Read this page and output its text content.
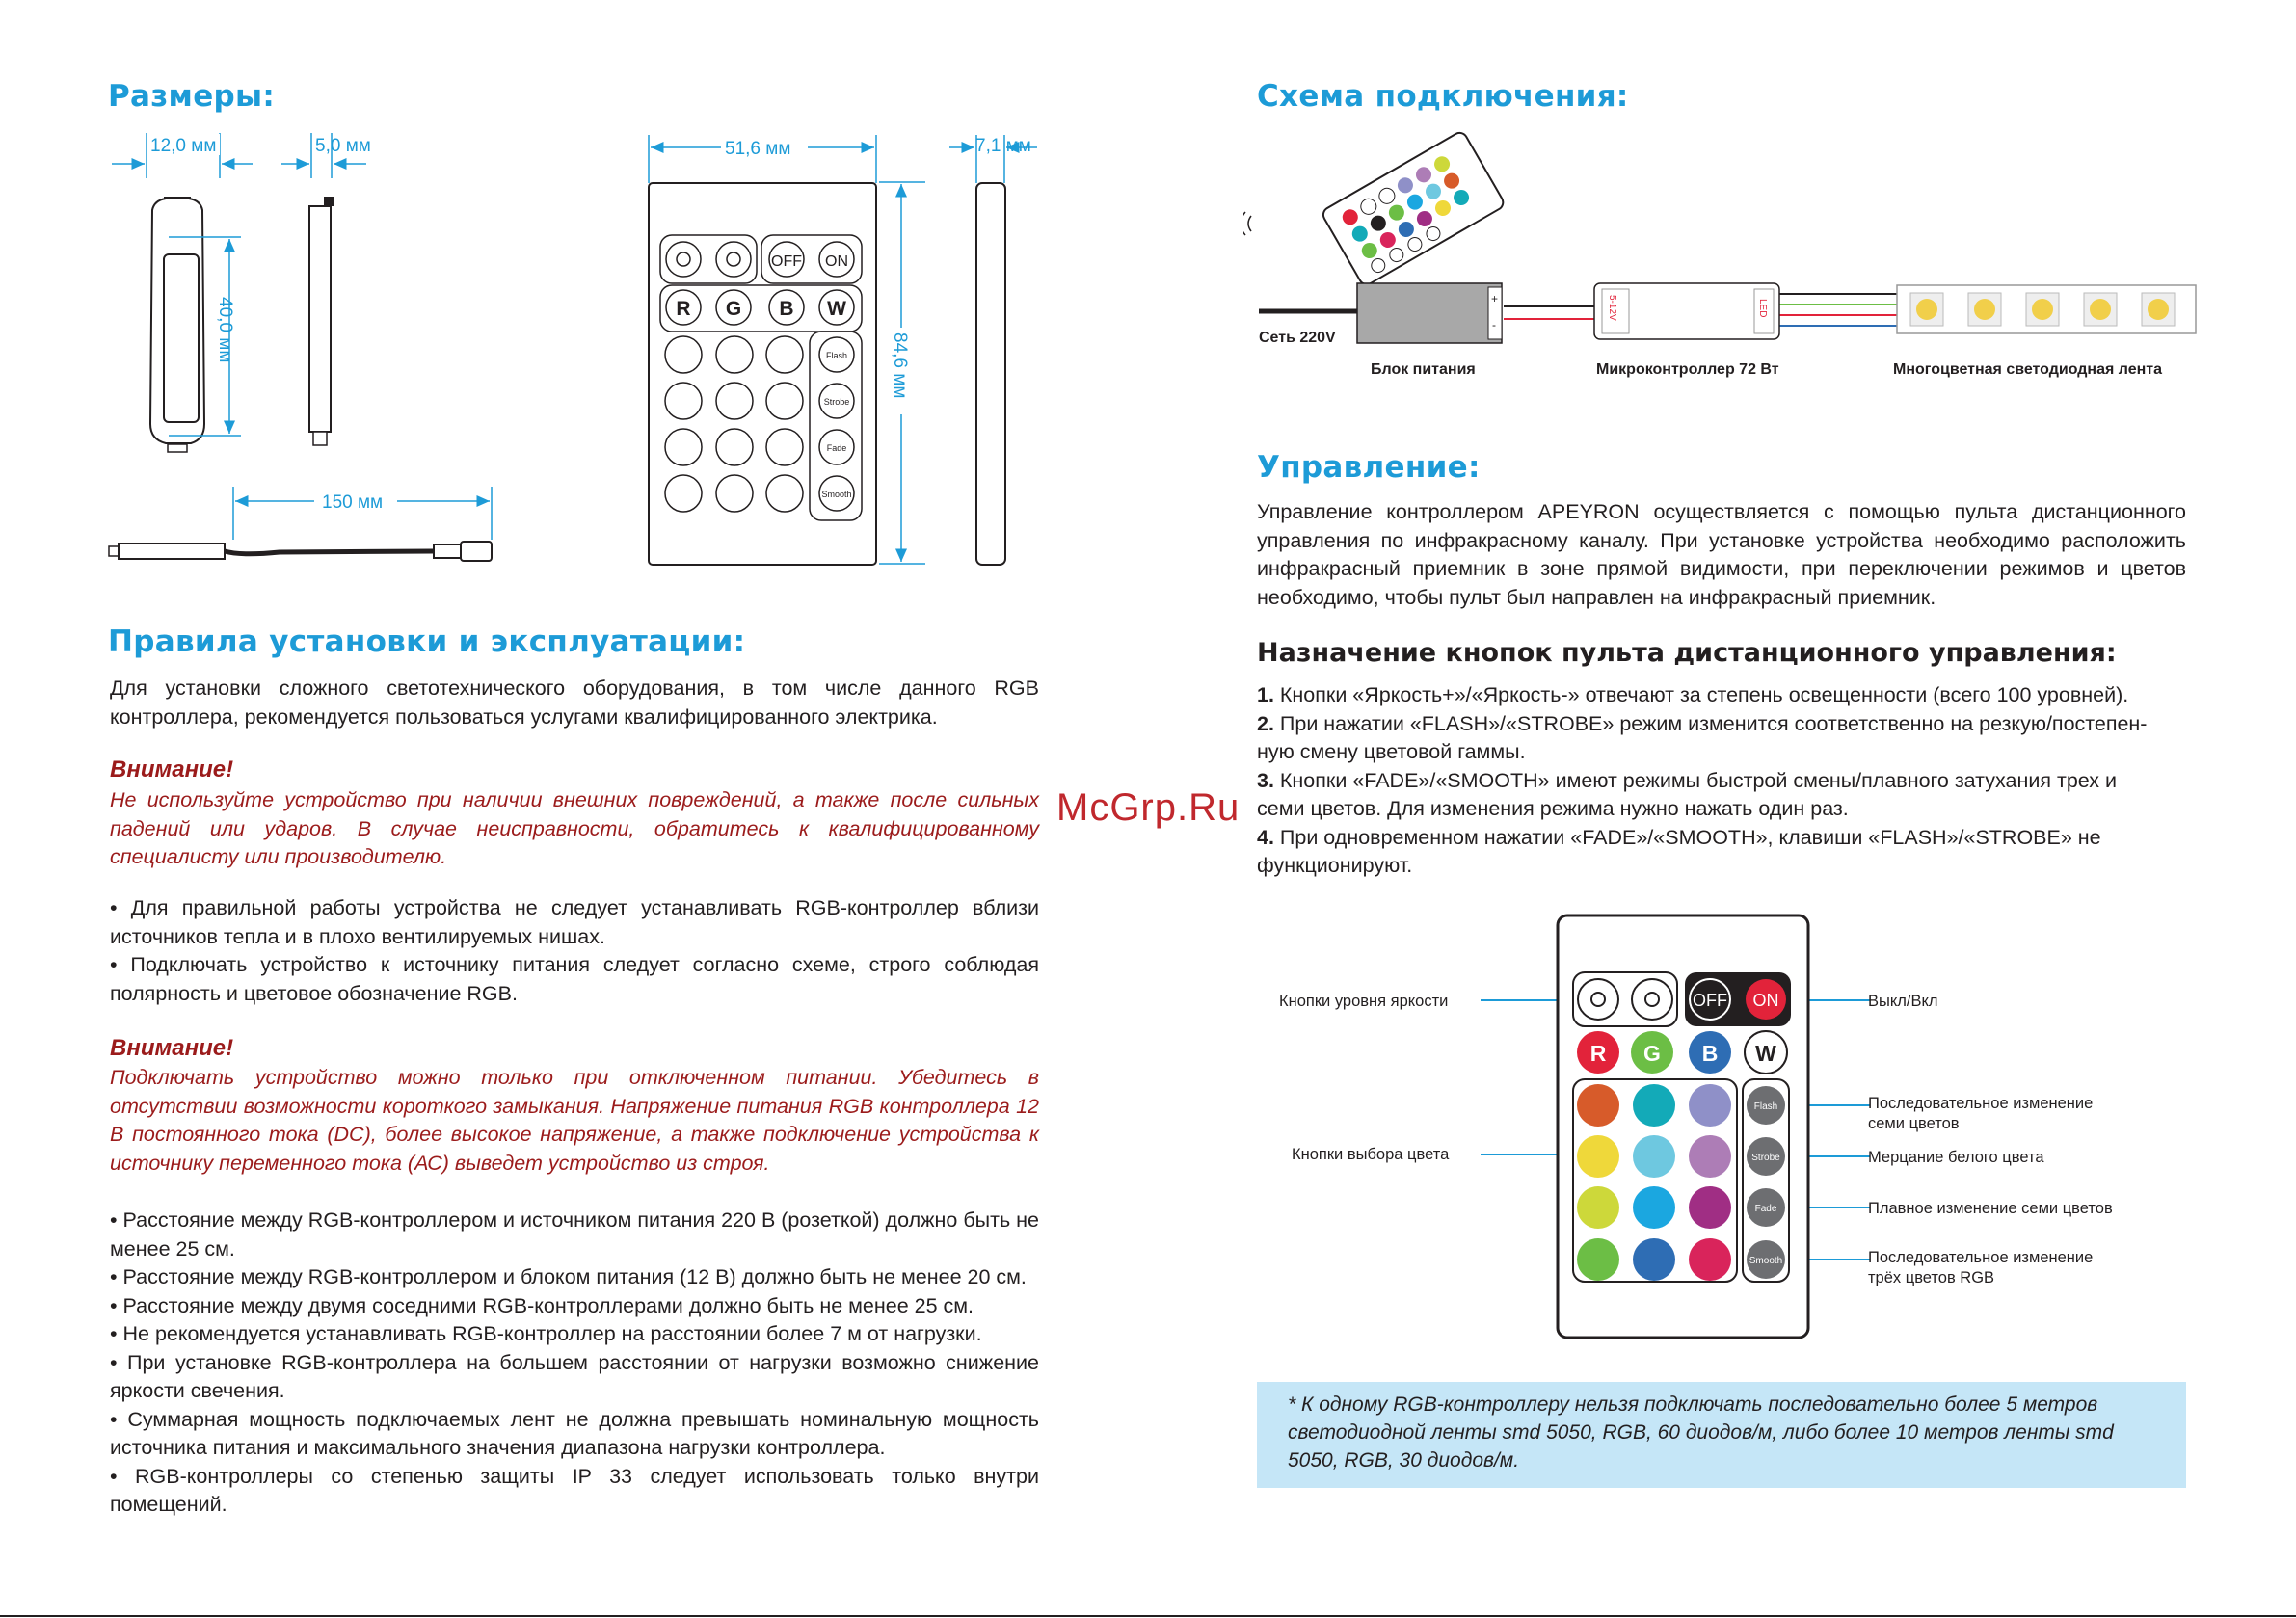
Размеры:
12,0 мм	5,0 мм
40,0 мм
150 мм
51,6 мм	7,1 мм
84,6 мм
OFF ON
R G B W
Flash
Strobe
Fade
Smooth
Правила установки и эксплуатации:
Для установки сложного светотехнического оборудования, в том числе данного RGB контроллера, рекомендуется пользоваться услугами квалифицированного электрика.
Внимание!
Не используйте устройство при наличии внешних повреждений, а также после сильных падений или ударов. В случае неисправности, обратитесь к квалифицированному специалисту или производителю.
• Для правильной работы устройства не следует устанавливать RGB-контроллер вблизи источников тепла и в плохо вентилируемых нишах.
• Подключать устройство к источнику питания следует согласно схеме, строго соблюдая полярность и цветовое обозначение RGB.
Внимание!
Подключать устройство можно только при отключенном питании. Убедитесь в отсутствии возможности короткого замыкания. Напряжение питания RGB контроллера 12 В постоянного тока (DC), более высокое напряжение, а также подключение устройства к источнику переменного тока (АС) выведет устройство из строя.
• Расстояние между RGB-контроллером и источником питания 220 В (розеткой) должно быть не менее 25 см.
• Расстояние между RGB-контроллером и блоком питания (12 В) должно быть не менее 20 см.
• Расстояние между двумя соседними RGB-контроллерами должно быть не менее 25 см.
• Не рекомендуется устанавливать RGB-контроллер на расстоянии более 7 м от нагрузки.
• При установке RGB-контроллера на большем расстоянии от нагрузки возможно снижение яркости свечения.
• Суммарная мощность подключаемых лент не должна превышать номинальную мощность источника питания и максимального значения диапазона нагрузки контроллера.
• RGB-контроллеры со степенью защиты IP 33 следует использовать только внутри помещений.
McGrp.Ru
Схема подключения:
+
-
5-12V	LED
Сеть 220V
Блок питания	Микроконтроллер 72 Вт	Многоцветная светодиодная лента
Управление:
Управление контроллером APEYRON осуществляется с помощью пульта дистанционного управления по инфракрасному каналу. При установке устройства необходимо расположить инфракрасный приемник в зоне прямой видимости, при переключении режимов и цветов необходимо, чтобы пульт был направлен на инфракрасный приемник.
Назначение кнопок пульта дистанционного управления:
1. Кнопки «Яркость+»/«Яркость-» отвечают за степень освещенности (всего 100 уровней).
2. При нажатии «FLASH»/«STROBE» режим изменится соответственно на резкую/постепен-ную смену цветовой гаммы.
3. Кнопки «FADE»/«SMOOTH» имеют режимы быстрой смены/плавного затухания трех и семи цветов. Для изменения режима нужно нажать один раз.
4. При одновременном нажатии «FADE»/«SMOOTH», клавиши «FLASH»/«STROBE» не функционируют.
OFF ON
R G B W
Flash
Strobe
Fade
Smooth
Кнопки уровня яркости
Кнопки выбора цвета
Выкл/Вкл
Последовательное изменение семи цветов
Мерцание белого цвета
Плавное изменение семи цветов
Последовательное изменение трёх цветов RGB
* К одному RGB-контроллеру нельзя подключать последовательно более 5 метров светодиодной ленты smd 5050, RGB, 60 диодов/м, либо более 10 метров ленты smd 5050, RGB, 30 диодов/м.
